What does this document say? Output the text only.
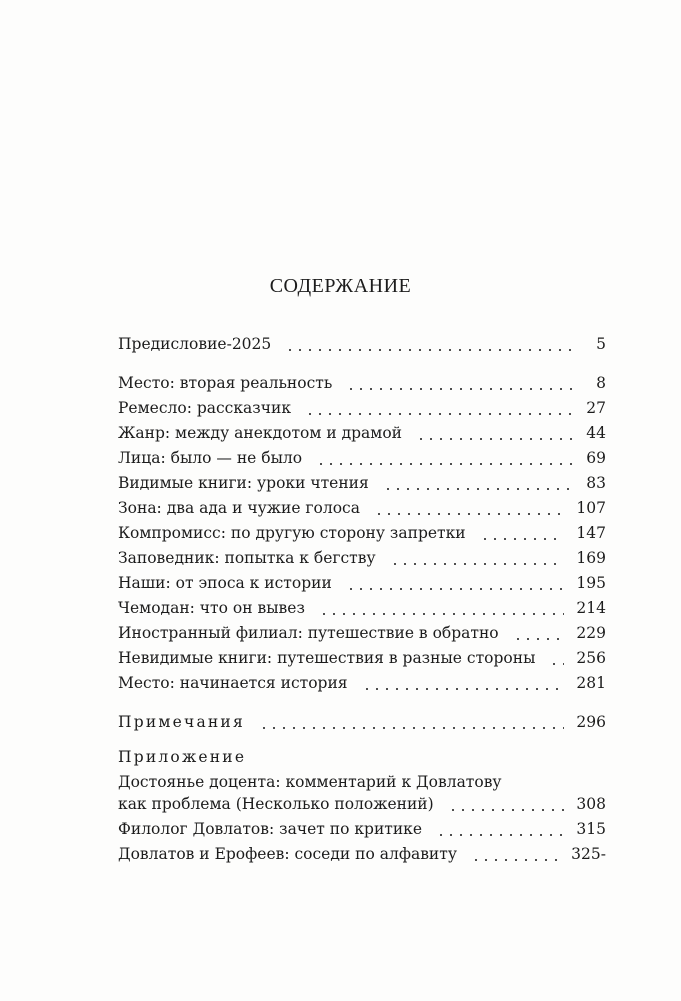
СОДЕРЖАНИЕ
Предисловие-2025	5
Место: вторая реальность	8
Ремесло: рассказчик	27
Жанр: между анекдотом и драмой	44
Лица: было — не было	69
Видимые книги: уроки чтения	83
Зона: два ада и чужие голоса	107
Компромисс: по другую сторону запретки	147
Заповедник: попытка к бегству	169
Наши: от эпоса к истории	195
Чемодан: что он вывез	214
Иностранный филиал: путешествие в обратно	229
Невидимые книги: путешествия в разные стороны	256
Место: начинается история	281
Примечания	296
Приложение
Достоянье доцента: комментарий к Довлатову
как проблема (Несколько положений)	308
Филолог Довлатов: зачет по критике	315
Довлатов и Ерофеев: соседи по алфавиту	325-
